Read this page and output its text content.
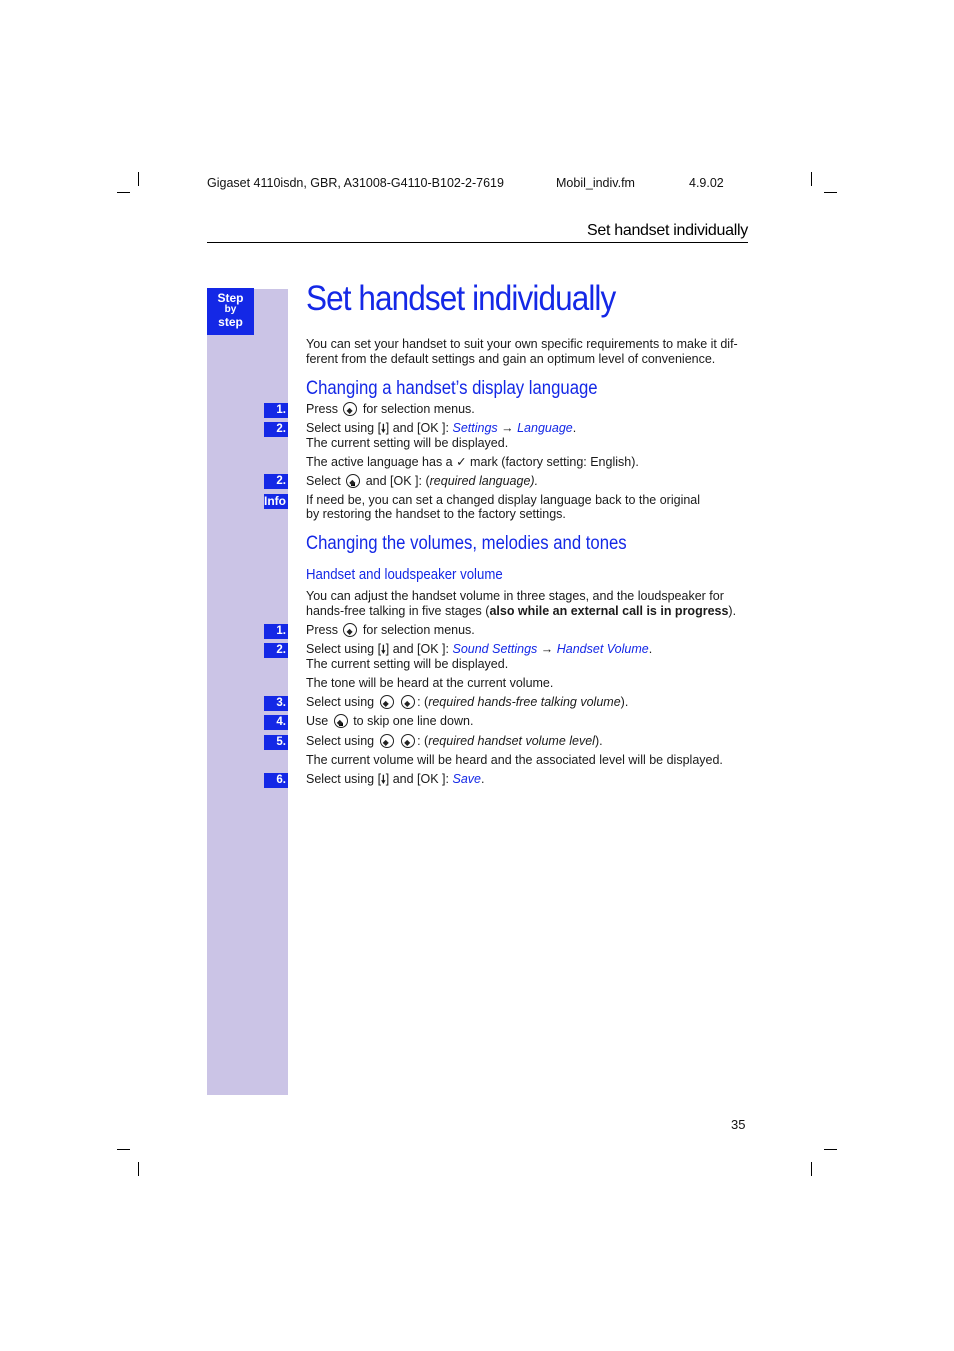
Gigaset 4110isdn, GBR, A31008-G4110-B102-2-7619	Mobil_indiv.fm	4.9.02
Set handset individually
Step
by
step
Set handset individually
You can set your handset to suit your own specific requirements to make it dif-
ferent from the default settings and gain an optimum level of convenience.
Changing a handset’s display language
1. Press ◆ for selection menus.
2. Select using [🠗] and [OK ]: Settings → Language.
The current setting will be displayed.
The active language has a ✓ mark (factory setting: English).
2. Select ◆ and [OK ]: (required language).
Info If need be, you can set a changed display language back to the original
by restoring the handset to the factory settings.
Changing the volumes, melodies and tones
Handset and loudspeaker volume
You can adjust the handset volume in three stages, and the loudspeaker for
hands-free talking in five stages (also while an external call is in progress).
1. Press ◆ for selection menus.
2. Select using [🠗] and [OK ]: Sound Settings → Handset Volume.
The current setting will be displayed.
The tone will be heard at the current volume.
3. Select using ◆ ◆	: (required hands-free talking volume).
4. Use ◆ to skip one line down.
5. Select using ◆ ◆	: (required handset volume level).
The current volume will be heard and the associated level will be displayed.
6. Select using [🠗] and [OK ]: Save.
35
